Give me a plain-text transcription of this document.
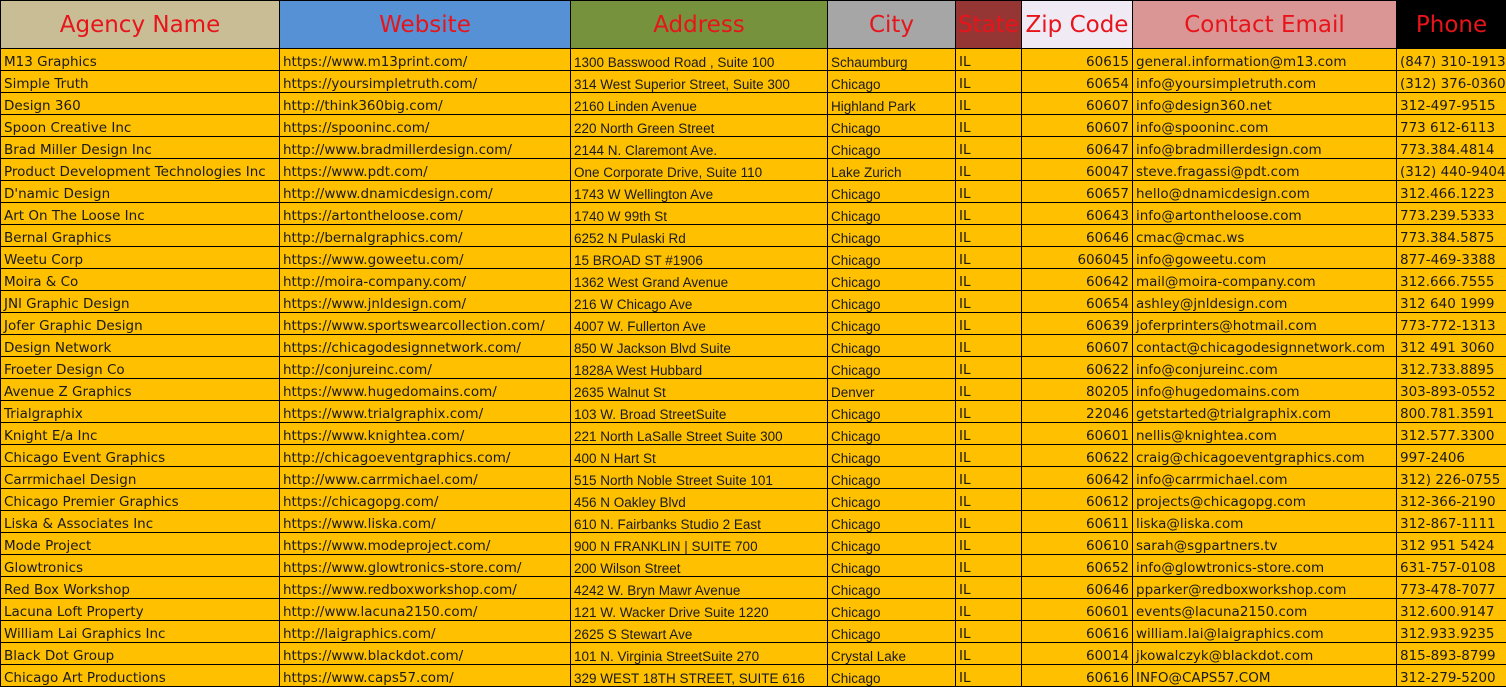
Agency Name	Website	Address	City	State	Zip Code	Contact Email	Phone
M13 Graphics	https://www.m13print.com/	1300 Basswood Road , Suite 100	Schaumburg	IL	60615	general.information@m13.com	(847) 310-1913
Simple Truth	https://yoursimpletruth.com/	314 West Superior Street, Suite 300	Chicago	IL	60654	info@yoursimpletruth.com	(312) 376-0360
Design 360	http://think360big.com/	2160 Linden Avenue	Highland Park	IL	60607	info@design360.net	312-497-9515
Spoon Creative Inc	https://spooninc.com/	220 North Green Street	Chicago	IL	60607	info@spooninc.com	773 612-6113
Brad Miller Design Inc	http://www.bradmillerdesign.com/	2144 N. Claremont Ave.	Chicago	IL	60647	info@bradmillerdesign.com	773.384.4814
Product Development Technologies Inc	https://www.pdt.com/	One Corporate Drive, Suite 110	Lake Zurich	IL	60047	steve.fragassi@pdt.com	(312) 440-9404
D'namic Design	http://www.dnamicdesign.com/	1743 W Wellington Ave	Chicago	IL	60657	hello@dnamicdesign.com	312.466.1223
Art On The Loose Inc	https://artontheloose.com/	1740 W 99th St	Chicago	IL	60643	info@artontheloose.com	773.239.5333
Bernal Graphics	http://bernalgraphics.com/	6252 N Pulaski Rd	Chicago	IL	60646	cmac@cmac.ws	773.384.5875
Weetu Corp	https://www.goweetu.com/	15 BROAD ST #1906	Chicago	IL	606045	info@goweetu.com	877-469-3388
Moira & Co	http://moira-company.com/	1362 West Grand Avenue	Chicago	IL	60642	mail@moira-company.com	312.666.7555
JNl Graphic Design	https://www.jnldesign.com/	216 W Chicago Ave	Chicago	IL	60654	ashley@jnldesign.com	312 640 1999
Jofer Graphic Design	https://www.sportswearcollection.com/	4007 W. Fullerton Ave	Chicago	IL	60639	joferprinters@hotmail.com	773-772-1313
Design Network	https://chicagodesignnetwork.com/	850 W Jackson Blvd Suite	Chicago	IL	60607	contact@chicagodesignnetwork.com	312 491 3060
Froeter Design Co	http://conjureinc.com/	1828A West Hubbard	Chicago	IL	60622	info@conjureinc.com	312.733.8895
Avenue Z Graphics	https://www.hugedomains.com/	2635 Walnut St	Denver	IL	80205	info@hugedomains.com	303-893-0552
Trialgraphix	https://www.trialgraphix.com/	103 W. Broad StreetSuite	Chicago	IL	22046	getstarted@trialgraphix.com	800.781.3591
Knight E/a Inc	https://www.knightea.com/	221 North LaSalle Street Suite 300	Chicago	IL	60601	nellis@knightea.com	312.577.3300
Chicago Event Graphics	http://chicagoeventgraphics.com/	400 N Hart St	Chicago	IL	60622	craig@chicagoeventgraphics.com	997-2406
Carrmichael Design	http://www.carrmichael.com/	515 North Noble Street Suite 101	Chicago	IL	60642	info@carrmichael.com	312) 226-0755
Chicago Premier Graphics	https://chicagopg.com/	456 N Oakley Blvd	Chicago	IL	60612	projects@chicagopg.com	312-366-2190
Liska & Associates Inc	https://www.liska.com/	610 N. Fairbanks Studio 2 East	Chicago	IL	60611	liska@liska.com	312-867-1111
Mode Project	https://www.modeproject.com/	900 N FRANKLIN | SUITE 700	Chicago	IL	60610	sarah@sgpartners.tv	312 951 5424
Glowtronics	https://www.glowtronics-store.com/	200 Wilson Street	Chicago	IL	60652	info@glowtronics-store.com	631-757-0108
Red Box Workshop	https://www.redboxworkshop.com/	4242 W. Bryn Mawr Avenue	Chicago	IL	60646	pparker@redboxworkshop.com	773-478-7077
Lacuna Loft Property	http://www.lacuna2150.com/	121 W. Wacker Drive Suite 1220	Chicago	IL	60601	events@lacuna2150.com	312.600.9147
William Lai Graphics Inc	http://laigraphics.com/	2625 S Stewart Ave	Chicago	IL	60616	william.lai@laigraphics.com	312.933.9235
Black Dot Group	https://www.blackdot.com/	101 N. Virginia StreetSuite 270	Crystal Lake	IL	60014	jkowalczyk@blackdot.com	815-893-8799
Chicago Art Productions	https://www.caps57.com/	329 WEST 18TH STREET, SUITE 616	Chicago	IL	60616	INFO@CAPS57.COM	312-279-5200
